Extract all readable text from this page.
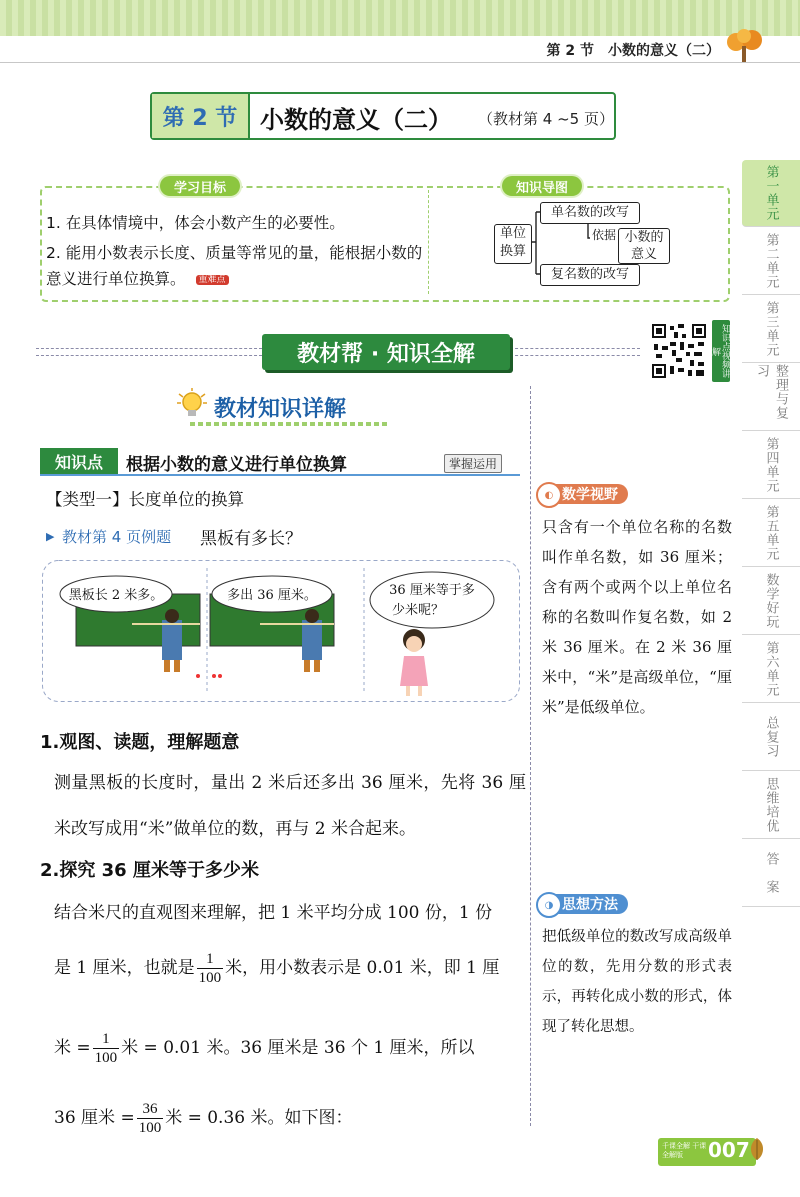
第 2 节　小数的意义（二）
第 2 节 小数的意义（二） （教材第 4 ~5 页）
学习目标	知识导图
1. 在具体情境中，体会小数产生的必要性。
2. 能用小数表示长度、质量等常见的量，能根据小数的意义进行单位换算。 重难点
单位换算
单名数的改写
复名数的改写
依据 小数的意义
教材帮 · 知识全解	知识点视频讲解
教材知识详解
知识点	根据小数的意义进行单位换算	掌握运用
【类型一】长度单位的换算
▶ 教材第 4 页例题 黑板有多长？
黑板长 2 米多。	多出 36 厘米。	36 厘米等于多
少米呢？
1.观图、读题，理解题意
测量黑板的长度时，量出 2 米后还多出 36 厘米，先将 36 厘米改写成用“米”做单位的数，再与 2 米合起来。
2.探究 36 厘米等于多少米
结合米尺的直观图来理解，把 1 米平均分成 100 份，1 份
是 1 厘米，也就是 $\frac{1}{100}$ 米，用小数表示是 0.01 米，即 1 厘
米 = $\frac{1}{100}$ 米 = 0.01 米。36 厘米是 36 个 1 厘米，所以
36 厘米 = $\frac{36}{100}$ 米 = 0.36 米。如下图：
◐ 数学视野
只含有一个单位名称的名数叫作单名数，如 36 厘米；含有两个或两个以上单位名称的名数叫作复名数，如 2 米 36 厘米。在 2 米 36 厘米中，“米”是高级单位，“厘米”是低级单位。
◑ 思想方法
把低级单位的数改写成高级单位的数，先用分数的形式表示，再转化成小数的形式，体现了转化思想。
第一单元
第二单元
第三单元
整理与复习
第四单元
第五单元
数学好玩
第六单元
总复习
思维培优
答　案
千课全解 干课全解版	007
